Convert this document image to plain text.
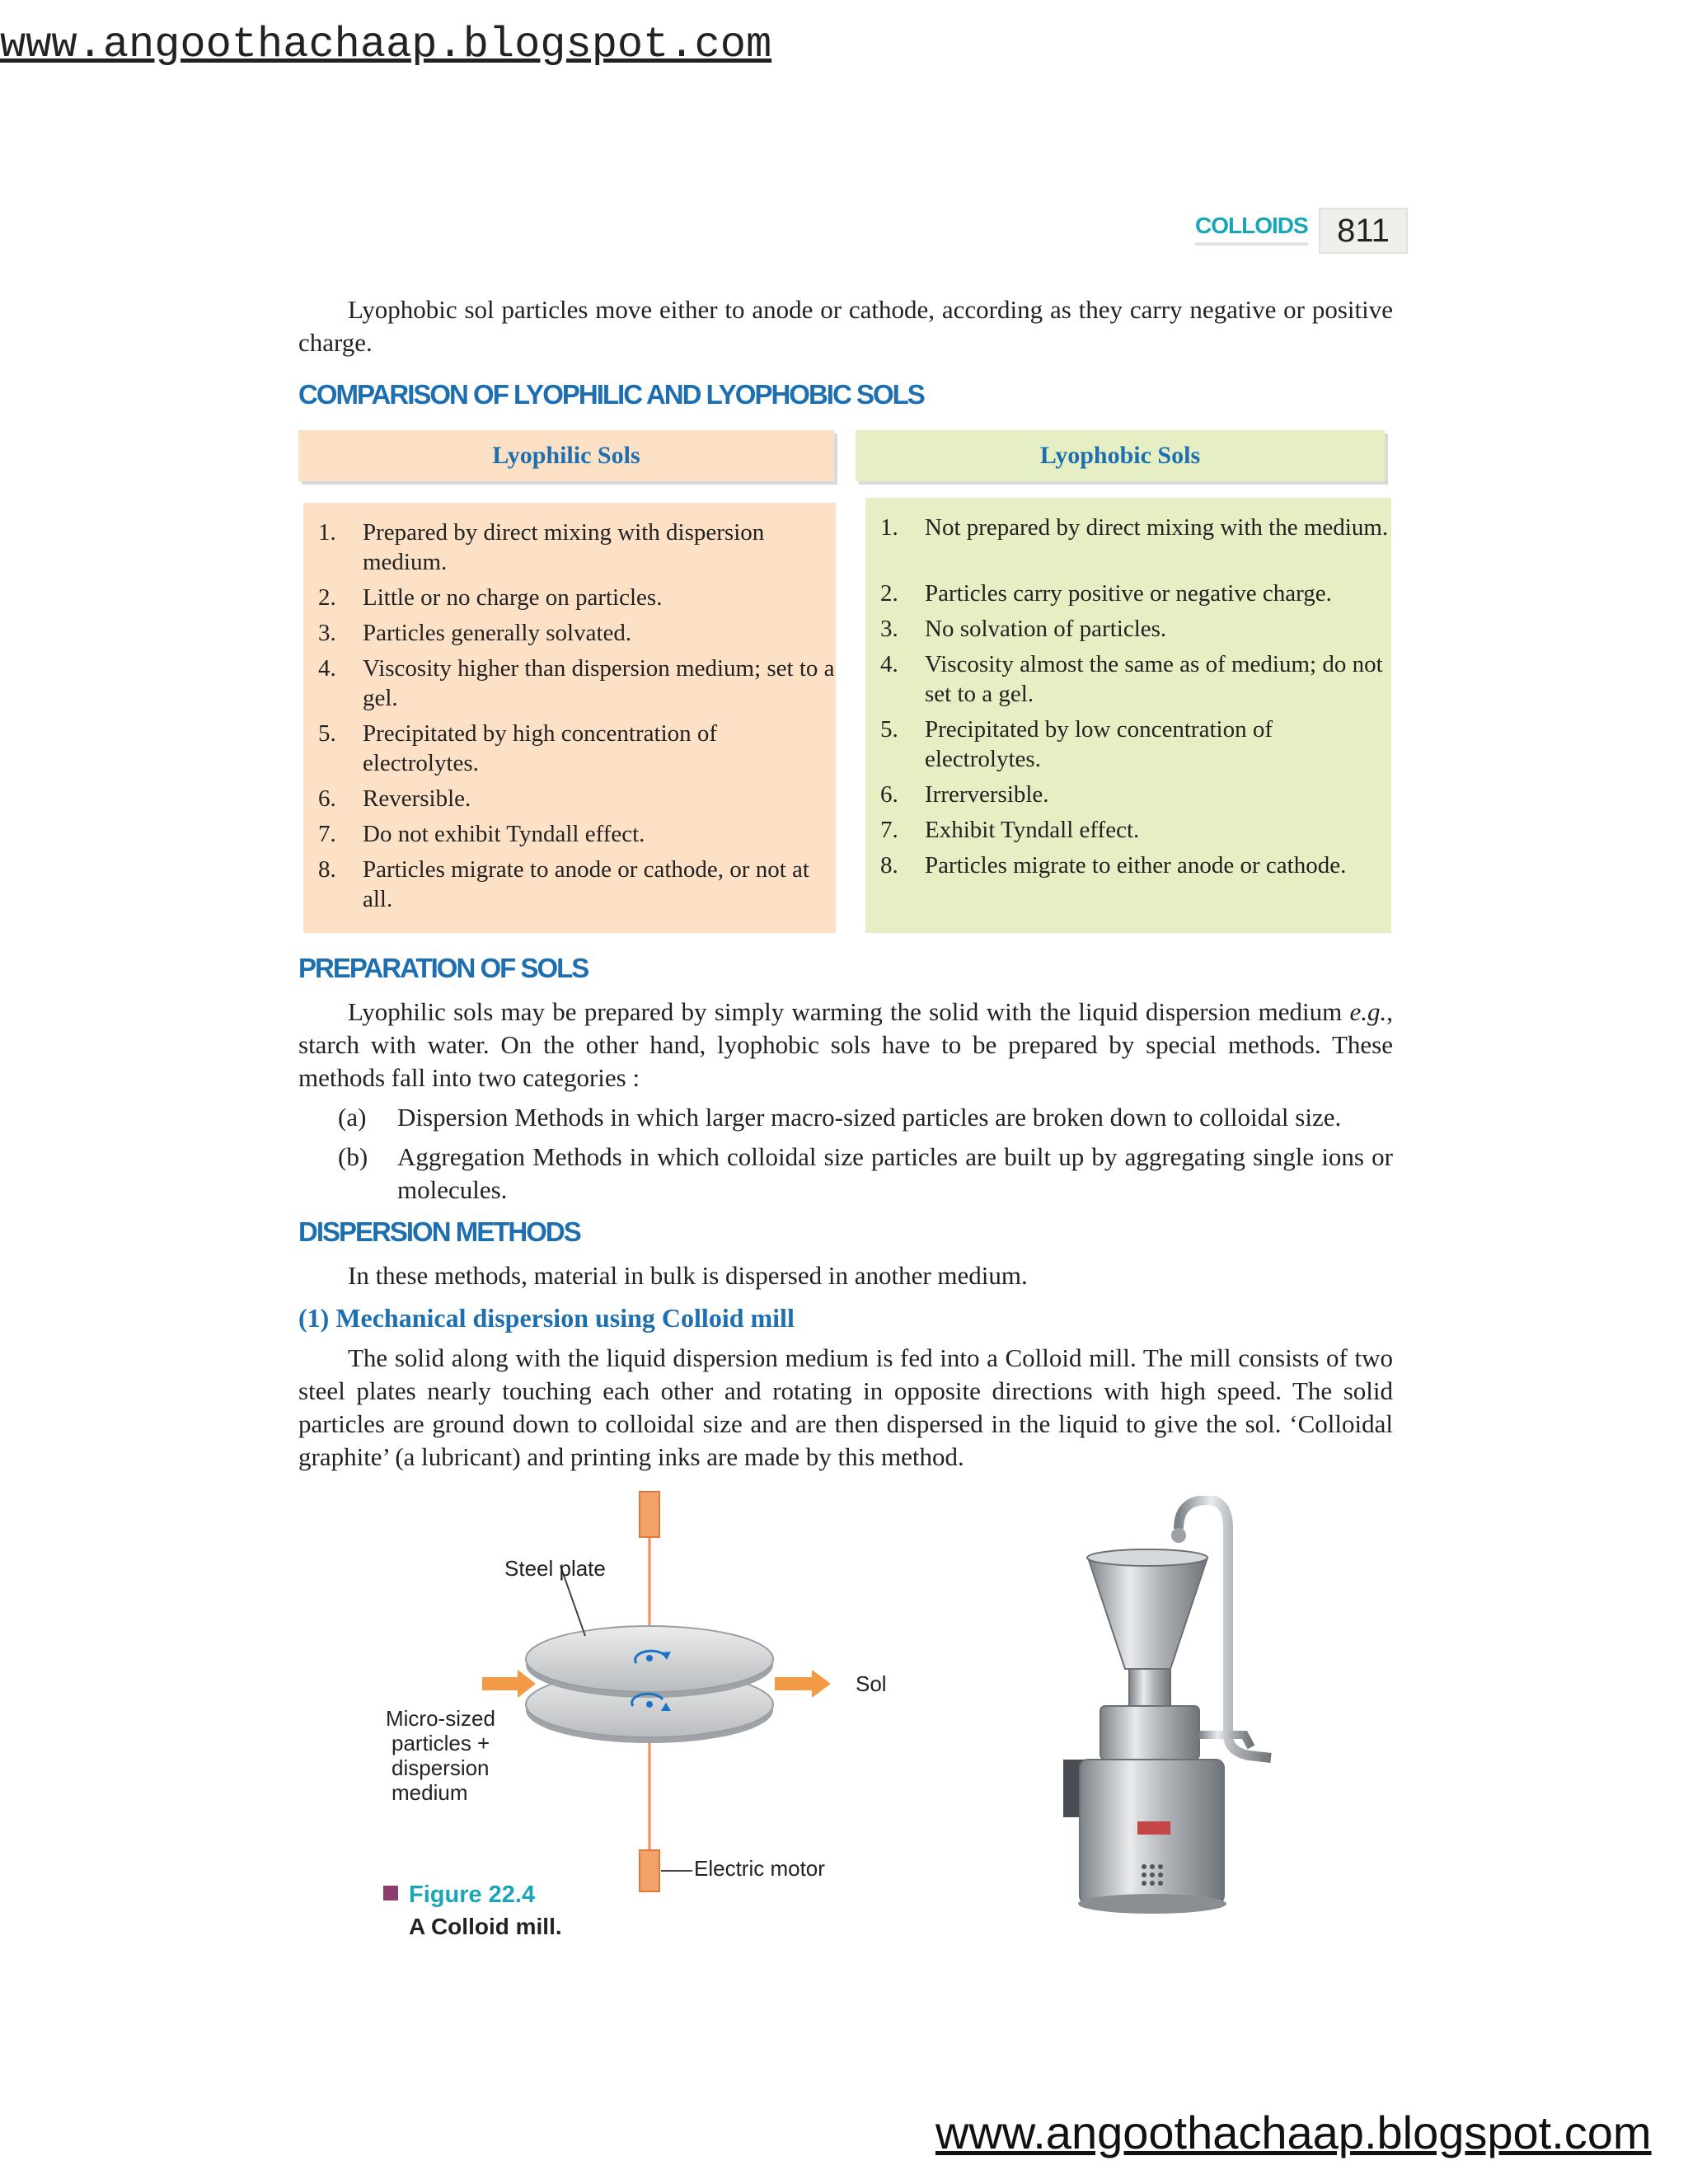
www.angoothachaap.blogspot.com
www.angoothachaap.blogspot.com
COLLOIDS 811
Lyophobic sol particles move either to anode or cathode, according as they carry negative or positive charge.
COMPARISON OF LYOPHILIC AND LYOPHOBIC SOLS
Lyophilic Sols	Lyophobic Sols
1. Prepared by direct mixing with dispersion medium.
2. Little or no charge on particles.
3. Particles generally solvated.
4. Viscosity higher than dispersion medium; set to a gel.
5. Precipitated by high concentration of electrolytes.
6. Reversible.
7. Do not exhibit Tyndall effect.
8. Particles migrate to anode or cathode, or not at all.
1. Not prepared by direct mixing with the medium.
2. Particles carry positive or negative charge.
3. No solvation of particles.
4. Viscosity almost the same as of medium; do not set to a gel.
5. Precipitated by low concentration of electrolytes.
6. Irrerversible.
7. Exhibit Tyndall effect.
8. Particles migrate to either anode or cathode.
PREPARATION OF SOLS
Lyophilic sols may be prepared by simply warming the solid with the liquid dispersion medium e.g., starch with water. On the other hand, lyophobic sols have to be prepared by special methods. These methods fall into two categories :
(a) Dispersion Methods in which larger macro-sized particles are broken down to colloidal size.
(b) Aggregation Methods in which colloidal size particles are built up by aggregating single ions or molecules.
DISPERSION METHODS
In these methods, material in bulk is dispersed in another medium.
(1) Mechanical dispersion using Colloid mill
The solid along with the liquid dispersion medium is fed into a Colloid mill. The mill consists of two steel plates nearly touching each other and rotating in opposite directions with high speed. The solid particles are ground down to colloidal size and are then dispersed in the liquid to give the sol. ‘Colloidal graphite’ (a lubricant) and printing inks are made by this method.
Steel plate
Sol
Micro-sized
particles +
dispersion
medium
Electric motor
Figure 22.4
A Colloid mill.
